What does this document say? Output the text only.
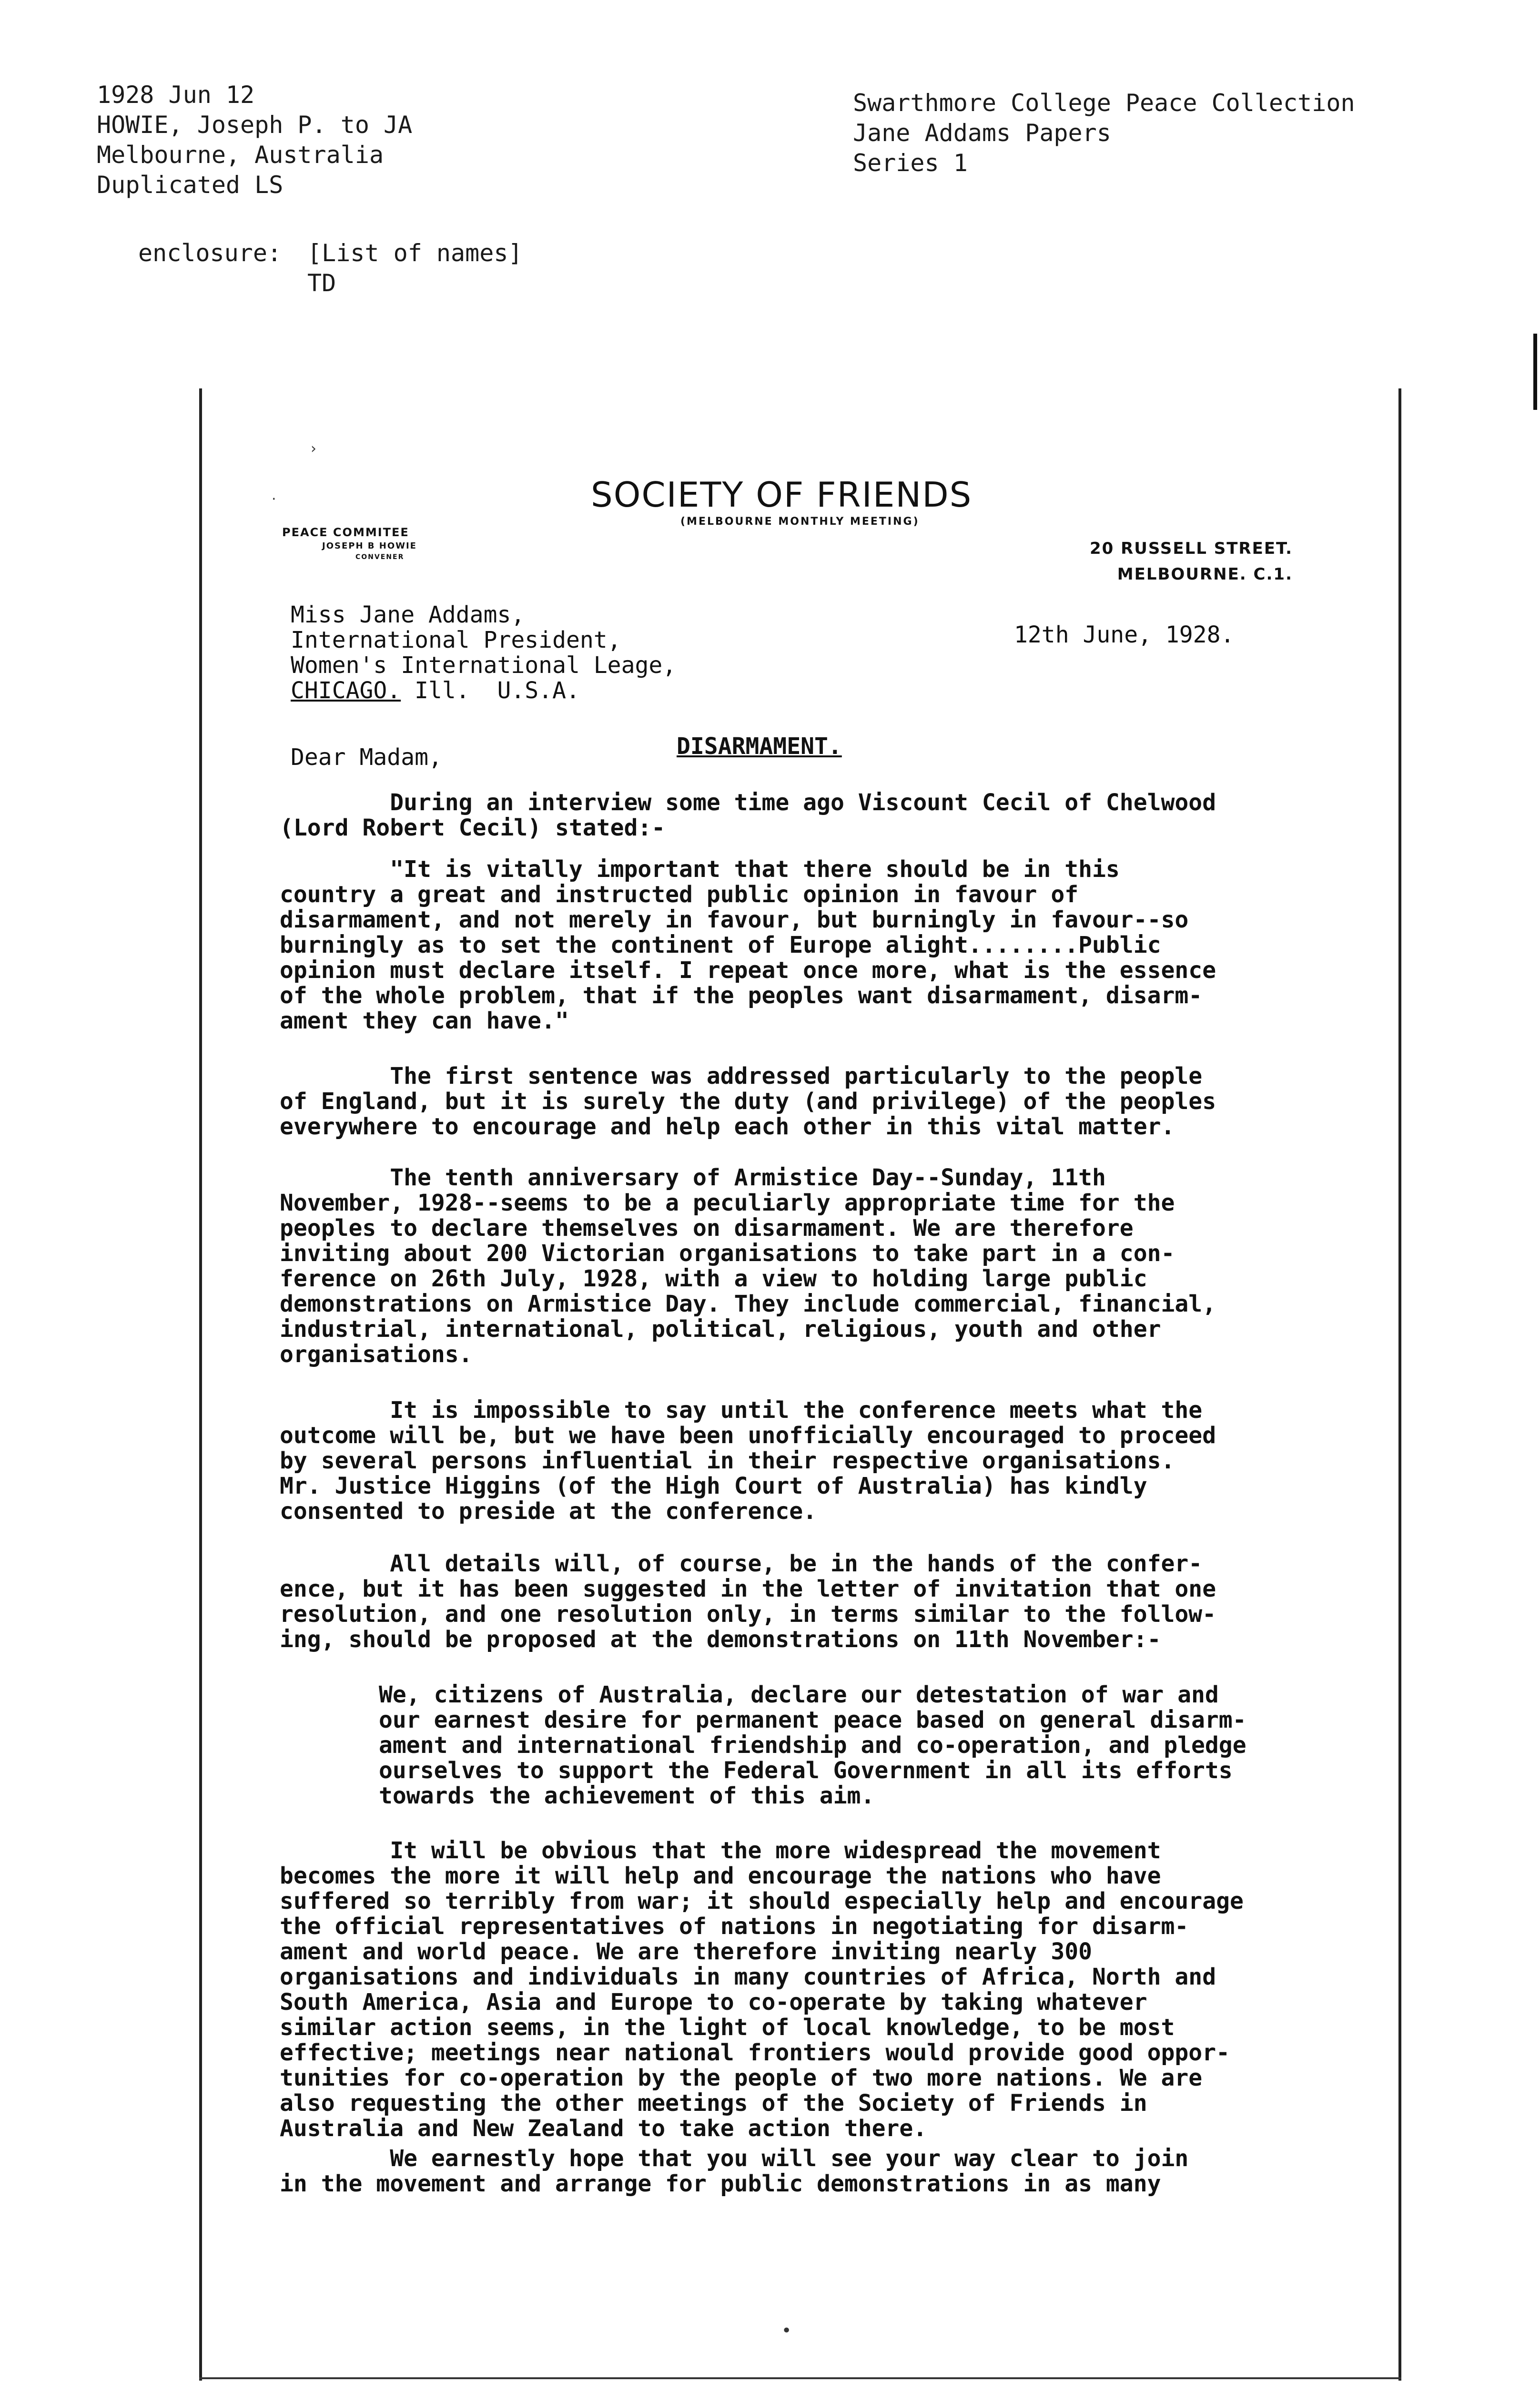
1928 Jun 12
HOWIE, Joseph P. to JA
Melbourne, Australia
Duplicated LS
Swarthmore College Peace Collection
Jane Addams Papers
Series 1
enclosure: [List of names]
TD
›
·
•
SOCIETY OF FRIENDS
(MELBOURNE MONTHLY MEETING)
PEACE COMMITEE
JOSEPH B HOWIE
CONVENER	20 RUSSELL STREET.
MELBOURNE. C.1.
Miss Jane Addams,
International President,
Women's International Leage,
CHICAGO. Ill.  U.S.A.
12th June, 1928.
Dear Madam,	DISARMAMENT.
During an interview some time ago Viscount Cecil of Chelwood
(Lord Robert Cecil) stated:-
"It is vitally important that there should be in this
country a great and instructed public opinion in favour of
disarmament, and not merely in favour, but burningly in favour--so
burningly as to set the continent of Europe alight........Public
opinion must declare itself. I repeat once more, what is the essence
of the whole problem, that if the peoples want disarmament, disarm-
ament they can have."
The first sentence was addressed particularly to the people
of England, but it is surely the duty (and privilege) of the peoples
everywhere to encourage and help each other in this vital matter.
The tenth anniversary of Armistice Day--Sunday, 11th
November, 1928--seems to be a peculiarly appropriate time for the
peoples to declare themselves on disarmament. We are therefore
inviting about 200 Victorian organisations to take part in a con-
ference on 26th July, 1928, with a view to holding large public
demonstrations on Armistice Day. They include commercial, financial,
industrial, international, political, religious, youth and other
organisations.
It is impossible to say until the conference meets what the
outcome will be, but we have been unofficially encouraged to proceed
by several persons influential in their respective organisations.
Mr. Justice Higgins (of the High Court of Australia) has kindly
consented to preside at the conference.
All details will, of course, be in the hands of the confer-
ence, but it has been suggested in the letter of invitation that one
resolution, and one resolution only, in terms similar to the follow-
ing, should be proposed at the demonstrations on 11th November:-
We, citizens of Australia, declare our detestation of war and
our earnest desire for permanent peace based on general disarm-
ament and international friendship and co-operation, and pledge
ourselves to support the Federal Government in all its efforts
towards the achievement of this aim.
It will be obvious that the more widespread the movement
becomes the more it will help and encourage the nations who have
suffered so terribly from war; it should especially help and encourage
the official representatives of nations in negotiating for disarm-
ament and world peace. We are therefore inviting nearly 300
organisations and individuals in many countries of Africa, North and
South America, Asia and Europe to co-operate by taking whatever
similar action seems, in the light of local knowledge, to be most
effective; meetings near national frontiers would provide good oppor-
tunities for co-operation by the people of two more nations. We are
also requesting the other meetings of the Society of Friends in
Australia and New Zealand to take action there.
We earnestly hope that you will see your way clear to join
in the movement and arrange for public demonstrations in as many
